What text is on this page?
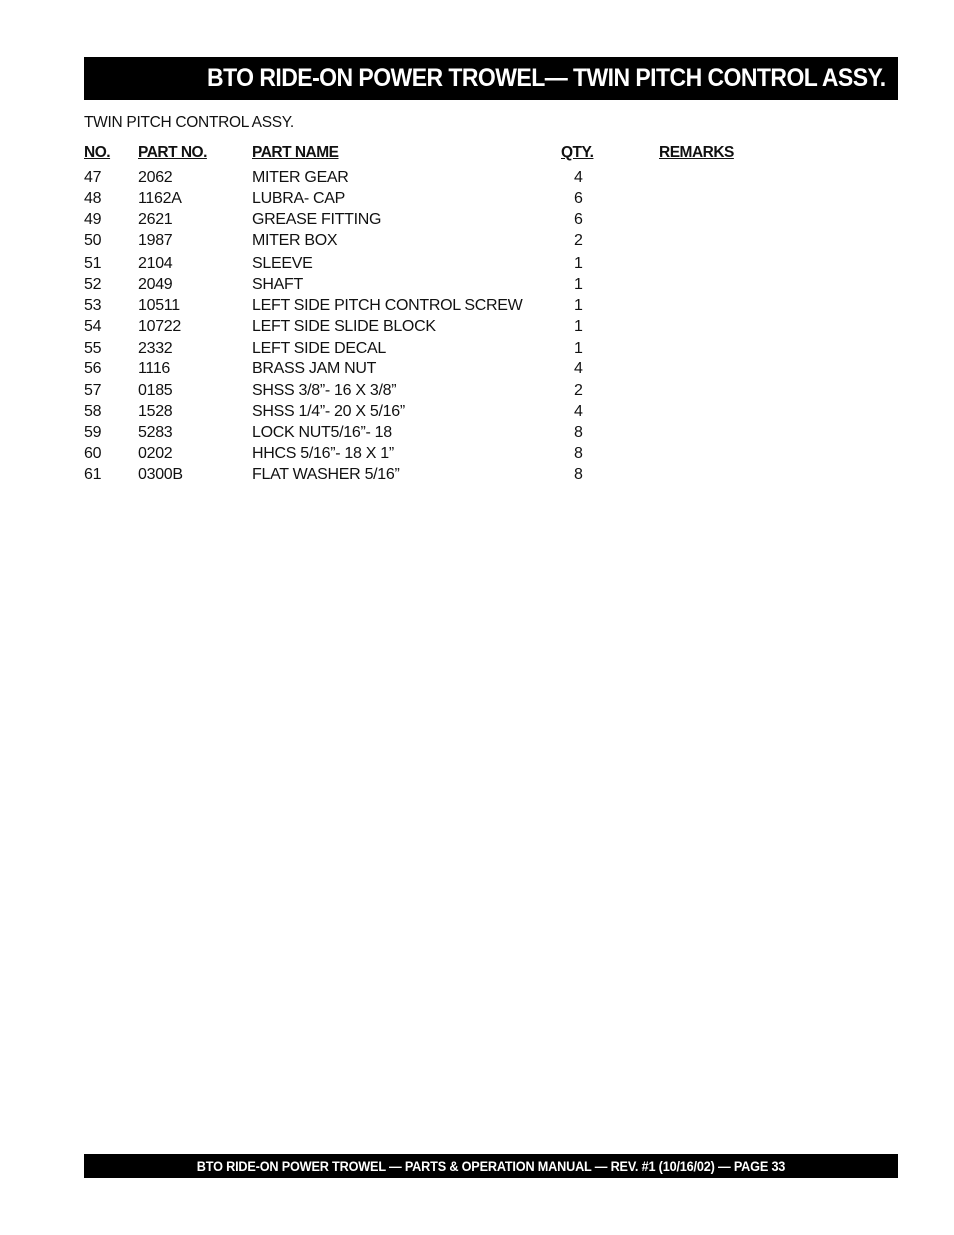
BTO RIDE-ON POWER TROWEL— TWIN PITCH CONTROL ASSY.
TWIN PITCH CONTROL ASSY.
NO. PART NO.	PART NAME	QTY.	REMARKS
47 2062	MITER GEAR	4
48 1162A	LUBRA- CAP	6
49 2621	GREASE FITTING	6
50 1987	MITER BOX	2
51 2104	SLEEVE	1
52 2049	SHAFT	1
53 10511	LEFT SIDE PITCH CONTROL SCREW	1
54 10722	LEFT SIDE SLIDE BLOCK	1
55 2332	LEFT SIDE DECAL	1
56 1116	BRASS JAM NUT	4
57 0185	SHSS 3/8”- 16 X 3/8”	2
58 1528	SHSS 1/4”- 20 X 5/16”	4
59 5283	LOCK NUT5/16”- 18	8
60 0202	HHCS 5/16”- 18 X 1”	8
61 0300B	FLAT WASHER 5/16”	8
BTO RIDE-ON POWER TROWEL — PARTS & OPERATION MANUAL — REV. #1 (10/16/02) — PAGE 33
